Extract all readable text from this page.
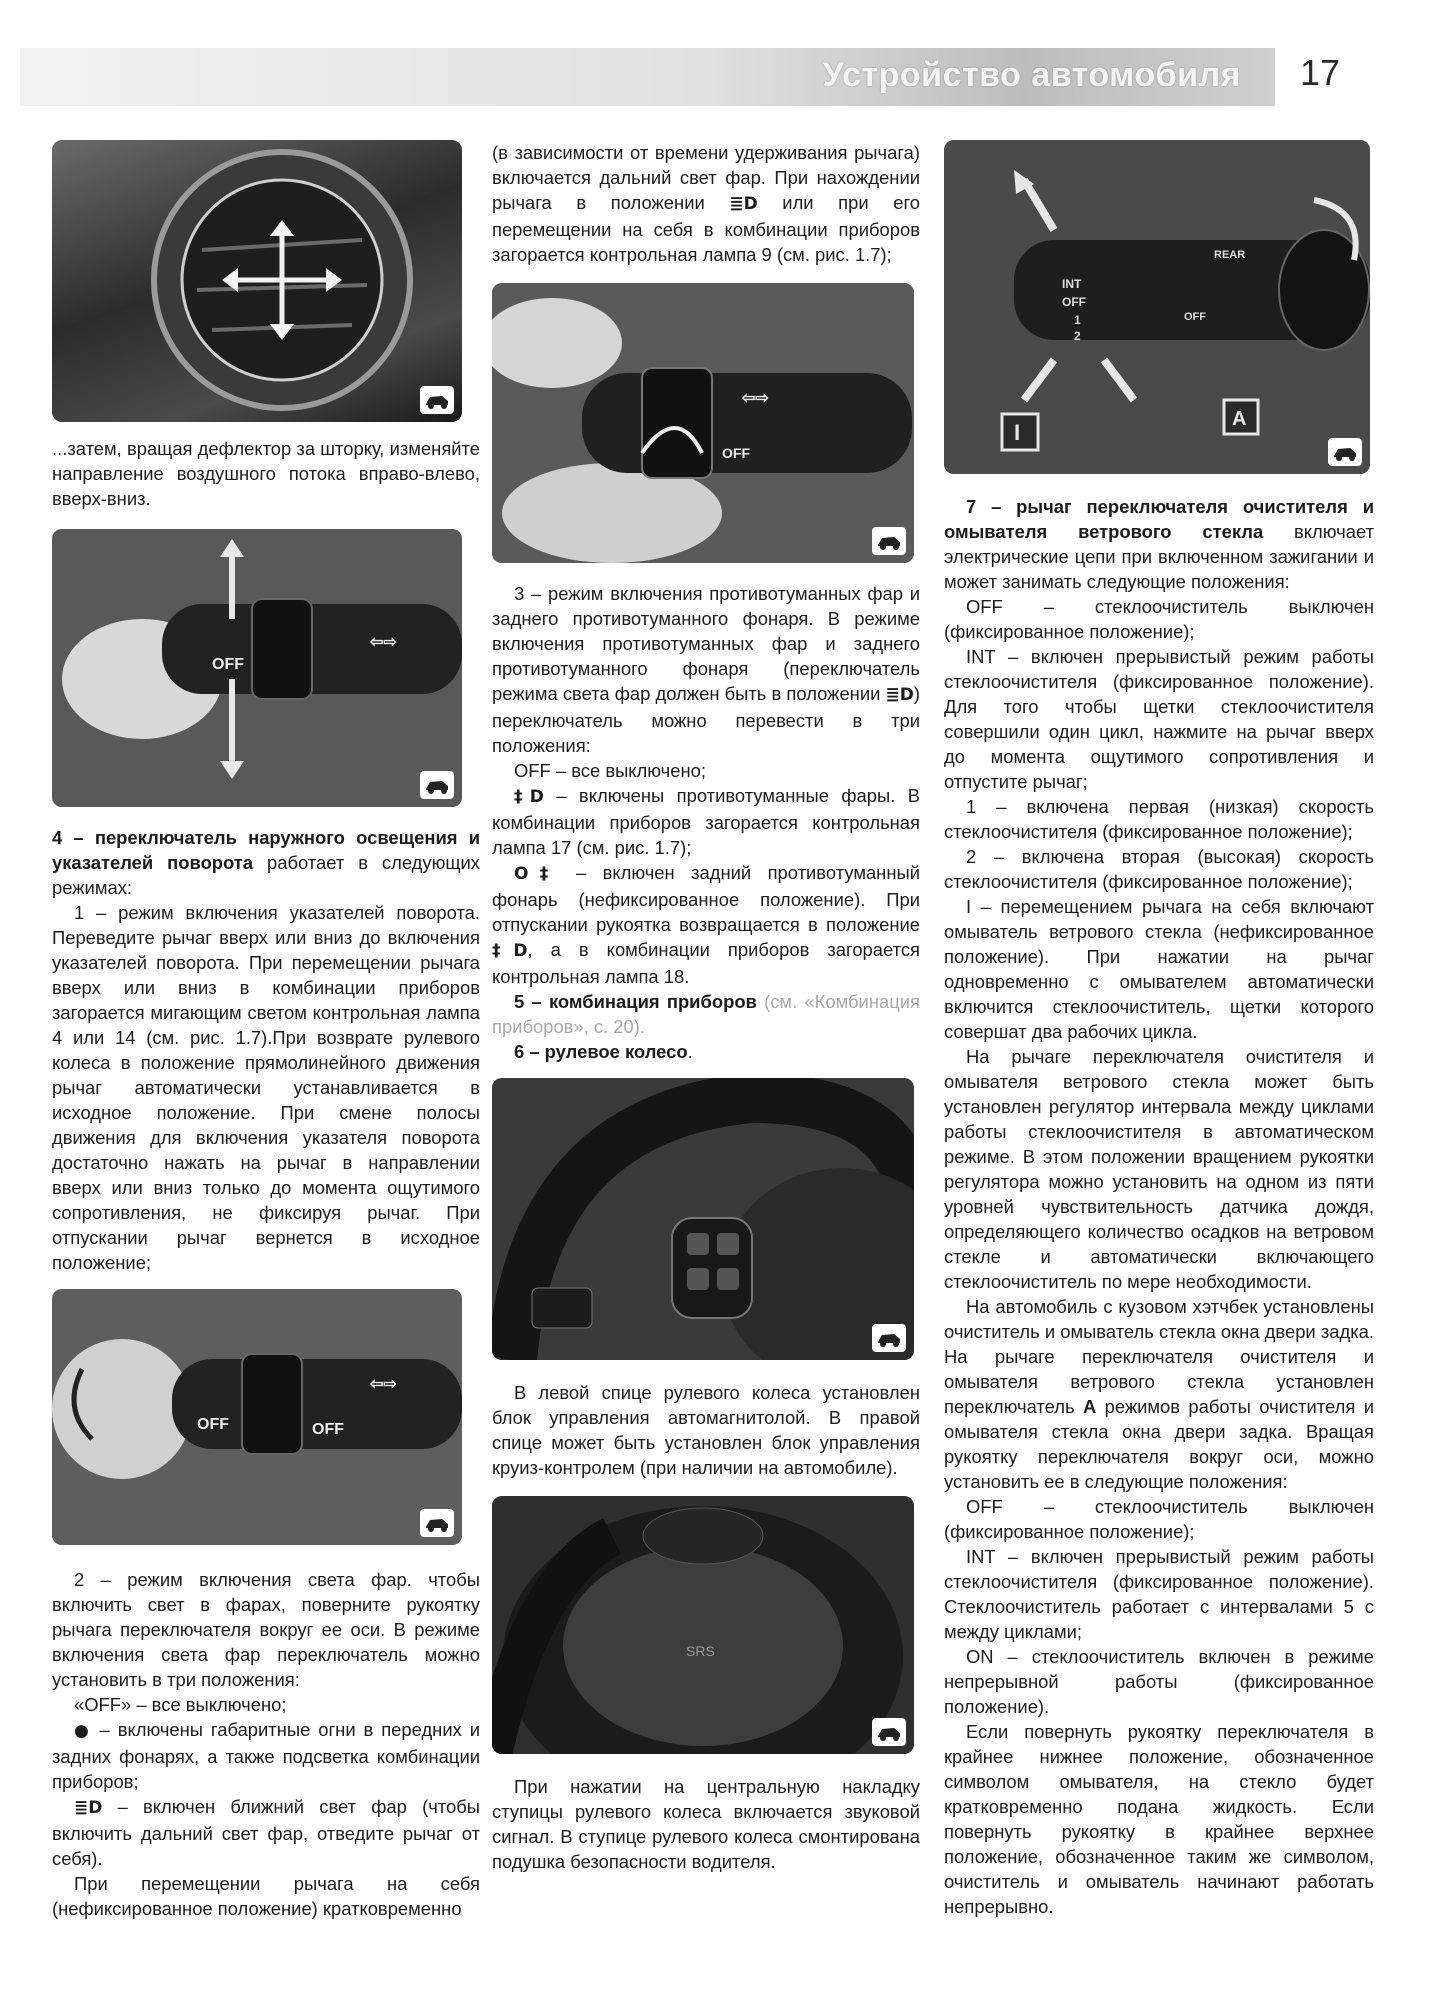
Устройство автомобиля 17

...затем, вращая дефлектор за шторку, изменяйте направление воздушного потока вправо-влево, вверх-вниз.

OFF
⇦⇨

4 – переключатель наружного освещения и указателей поворота работает в следующих режимах:

1 – режим включения указателей поворота. Переведите рычаг вверх или вниз до включения указателей поворота. При перемещении рычага вверх или вниз в комбинации приборов загорается мигающим светом контрольная лампа 4 или 14 (см. рис. 1.7).При возврате рулевого колеса в положение прямолинейного движения рычаг автоматически устанавливается в исходное положение. При смене полосы движения для включения указателя поворота достаточно нажать на рычаг в направлении вверх или вниз только до момента ощутимого сопротивления, не фиксируя рычаг. При отпускании рычаг вернется в исходное положение;

OFF	OFF
⇦⇨

2 – режим включения света фар. чтобы включить свет в фарах, поверните рукоятку рычага переключателя вокруг ее оси. В режиме включения света фар переключатель можно установить в три положения:

«OFF» – все выключено;

● – включены габаритные огни в передних и задних фонарях, а также подсветка комбинации приборов;

≣D – включен ближний свет фар (чтобы включить дальний свет фар, отведите рычаг от себя).

При перемещении рычага на себя (нефиксированное положение) кратковременно

(в зависимости от времени удерживания рычага) включается дальний свет фар. При нахождении рычага в положении ≣D или при его перемещении на себя в комбинации приборов загорается контрольная лампа 9 (см. рис. 1.7);

⇦⇨
OFF

3 – режим включения противотуманных фар и заднего противотуманного фонаря. В режиме включения противотуманных фар и заднего противотуманного фонаря (переключатель режима света фар должен быть в положении ≣D) переключатель можно перевести в три положения:

OFF – все выключено;

‡D – включены противотуманные фары. В комбинации приборов загорается контрольная лампа 17 (см. рис. 1.7);

O‡ – включен задний противотуманный фонарь (нефиксированное положение). При отпускании рукоятка возвращается в положение ‡D, а в комбинации приборов загорается контрольная лампа 18.

5 – комбинация приборов (см. «Комбинация приборов», с. 20).

6 – рулевое колесо.

В левой спице рулевого колеса установлен блок управления автомагнитолой. В правой спице может быть установлен блок управления круиз-контролем (при наличии на автомобиле).

SRS

При нажатии на центральную накладку ступицы рулевого колеса включается звуковой сигнал. В ступице рулевого колеса смонтирована подушка безопасности водителя.

I
A
INT
OFF
1
2
REAR
OFF

7 – рычаг переключателя очистителя и омывателя ветрового стекла включает электрические цепи при включенном зажигании и может занимать следующие положения:

OFF – стеклоочиститель выключен (фиксированное положение);

INT – включен прерывистый режим работы стеклоочистителя (фиксированное положение). Для того чтобы щетки стеклоочистителя совершили один цикл, нажмите на рычаг вверх до момента ощутимого сопротивления и отпустите рычаг;

1 – включена первая (низкая) скорость стеклоочистителя (фиксированное положение);

2 – включена вторая (высокая) скорость стеклоочистителя (фиксированное положение);

I – перемещением рычага на себя включают омыватель ветрового стекла (нефиксированное положение). При нажатии на рычаг одновременно с омывателем автоматически включится стеклоочиститель, щетки которого совершат два рабочих цикла.

На рычаге переключателя очистителя и омывателя ветрового стекла может быть установлен регулятор интервала между циклами работы стеклоочистителя в автоматическом режиме. В этом положении вращением рукоятки регулятора можно установить на одном из пяти уровней чувствительность датчика дождя, определяющего количество осадков на ветровом стекле и автоматически включающего стеклоочиститель по мере необходимости.

На автомобиль с кузовом хэтчбек установлены очиститель и омыватель стекла окна двери задка. На рычаге переключателя очистителя и омывателя ветрового стекла установлен переключатель А режимов работы очистителя и омывателя стекла окна двери задка. Вращая рукоятку переключателя вокруг оси, можно установить ее в следующие положения:

OFF – стеклоочиститель выключен (фиксированное положение);

INT – включен прерывистый режим работы стеклоочистителя (фиксированное положение). Стеклоочиститель работает с интервалами 5 с между циклами;

ON – стеклоочиститель включен в режиме непрерывной работы (фиксированное положение).

Если повернуть рукоятку переключателя в крайнее нижнее положение, обозначенное символом омывателя, на стекло будет кратковременно подана жидкость. Если повернуть рукоятку в крайнее верхнее положение, обозначенное таким же символом, очиститель и омыватель начинают работать непрерывно.
